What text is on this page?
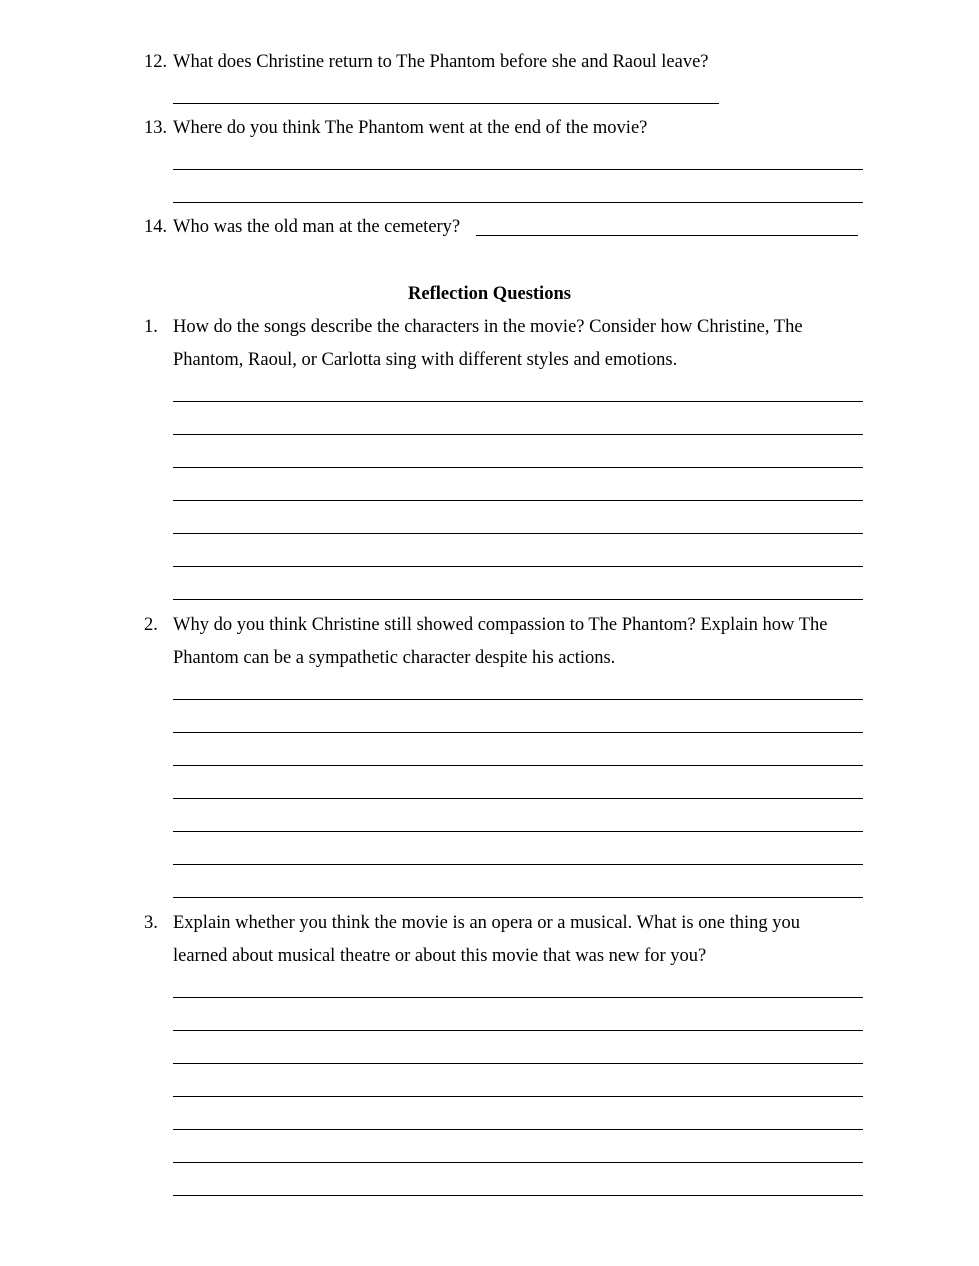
12. What does Christine return to The Phantom before she and Raoul leave?
13. Where do you think The Phantom went at the end of the movie?
14. Who was the old man at the cemetery?
Reflection Questions
1. How do the songs describe the characters in the movie? Consider how Christine, The
Phantom, Raoul, or Carlotta sing with different styles and emotions.
2. Why do you think Christine still showed compassion to The Phantom? Explain how The
Phantom can be a sympathetic character despite his actions.
3. Explain whether you think the movie is an opera or a musical. What is one thing you
learned about musical theatre or about this movie that was new for you?
